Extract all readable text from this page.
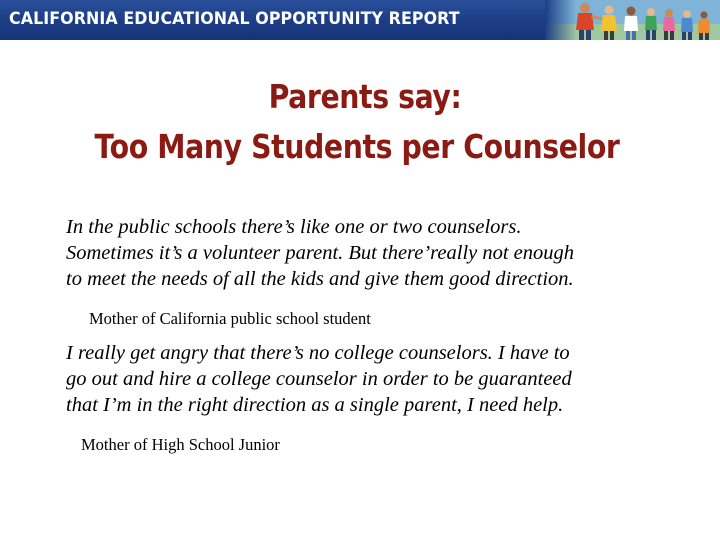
CALIFORNIA EDUCATIONAL OPPORTUNITY REPORT
Parents say:
Too Many Students per Counselor

In the public schools there’s like one or two counselors.

Sometimes it’s a volunteer parent. But there’really not enough

to meet the needs of all the kids and give them good direction.

Mother of California public school student

I really get angry that there’s no college counselors. I have to

go out and hire a college counselor in order to be guaranteed

that I’m in the right direction as a single parent, I need help.

Mother of High School Junior
